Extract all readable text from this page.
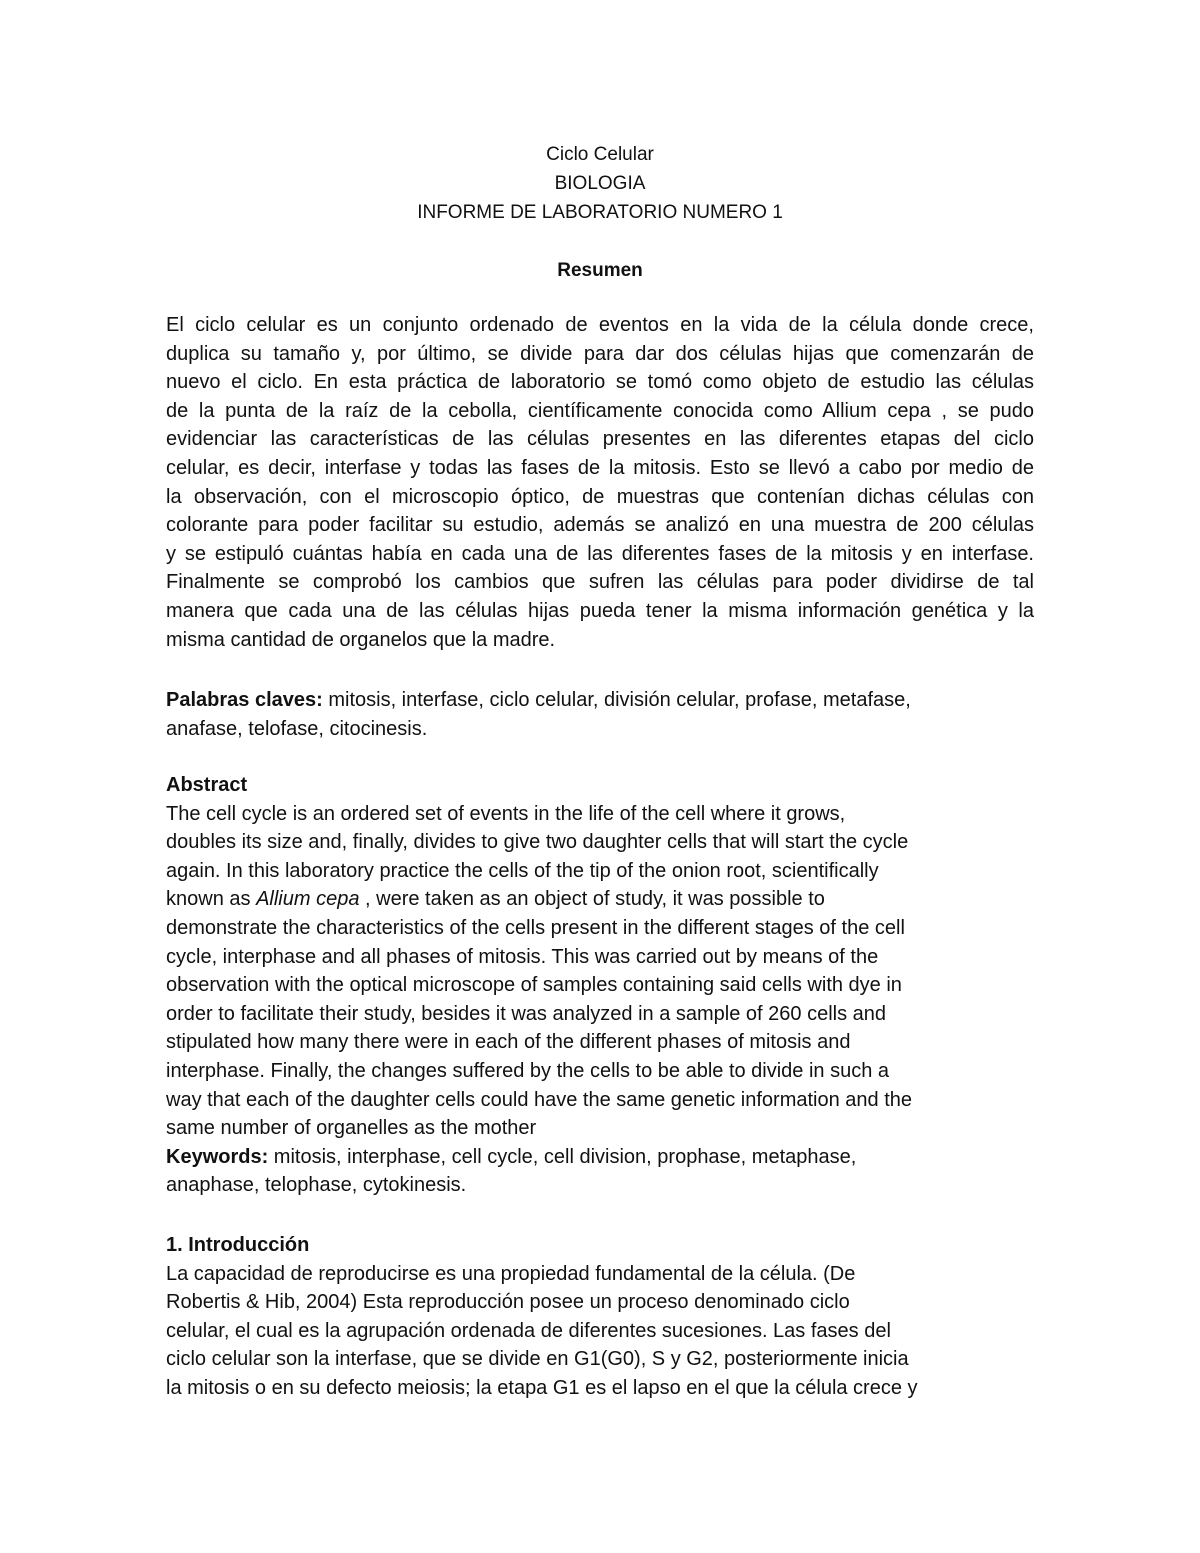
Ciclo Celular
BIOLOGIA
INFORME DE LABORATORIO NUMERO 1
Resumen
El ciclo celular es un conjunto ordenado de eventos en la vida de la célula donde crece,
duplica su tamaño y, por último, se divide para dar dos células hijas que comenzarán de
nuevo el ciclo. En esta práctica de laboratorio se tomó como objeto de estudio las células
de la punta de la raíz de la cebolla, científicamente conocida como Allium cepa , se pudo
evidenciar las características de las células presentes en las diferentes etapas del ciclo
celular, es decir, interfase y todas las fases de la mitosis. Esto se llevó a cabo por medio de
la observación, con el microscopio óptico, de muestras que contenían dichas células con
colorante para poder facilitar su estudio, además se analizó en una muestra de 200 células
y se estipuló cuántas había en cada una de las diferentes fases de la mitosis y en interfase.
Finalmente se comprobó los cambios que sufren las células para poder dividirse de tal
manera que cada una de las células hijas pueda tener la misma información genética y la
misma cantidad de organelos que la madre.
Palabras claves: mitosis, interfase, ciclo celular, división celular, profase, metafase,
anafase, telofase, citocinesis.
Abstract
The cell cycle is an ordered set of events in the life of the cell where it grows,
doubles its size and, finally, divides to give two daughter cells that will start the cycle
again. In this laboratory practice the cells of the tip of the onion root, scientifically
known as Allium cepa , were taken as an object of study, it was possible to
demonstrate the characteristics of the cells present in the different stages of the cell
cycle, interphase and all phases of mitosis. This was carried out by means of the
observation with the optical microscope of samples containing said cells with dye in
order to facilitate their study, besides it was analyzed in a sample of 260 cells and
stipulated how many there were in each of the different phases of mitosis and
interphase. Finally, the changes suffered by the cells to be able to divide in such a
way that each of the daughter cells could have the same genetic information and the
same number of organelles as the mother
Keywords: mitosis, interphase, cell cycle, cell division, prophase, metaphase,
anaphase, telophase, cytokinesis.
1. Introducción
La capacidad de reproducirse es una propiedad fundamental de la célula. (De
Robertis & Hib, 2004) Esta reproducción posee un proceso denominado ciclo
celular, el cual es la agrupación ordenada de diferentes sucesiones. Las fases del
ciclo celular son la interfase, que se divide en G1(G0), S y G2, posteriormente inicia
la mitosis o en su defecto meiosis; la etapa G1 es el lapso en el que la célula crece y
